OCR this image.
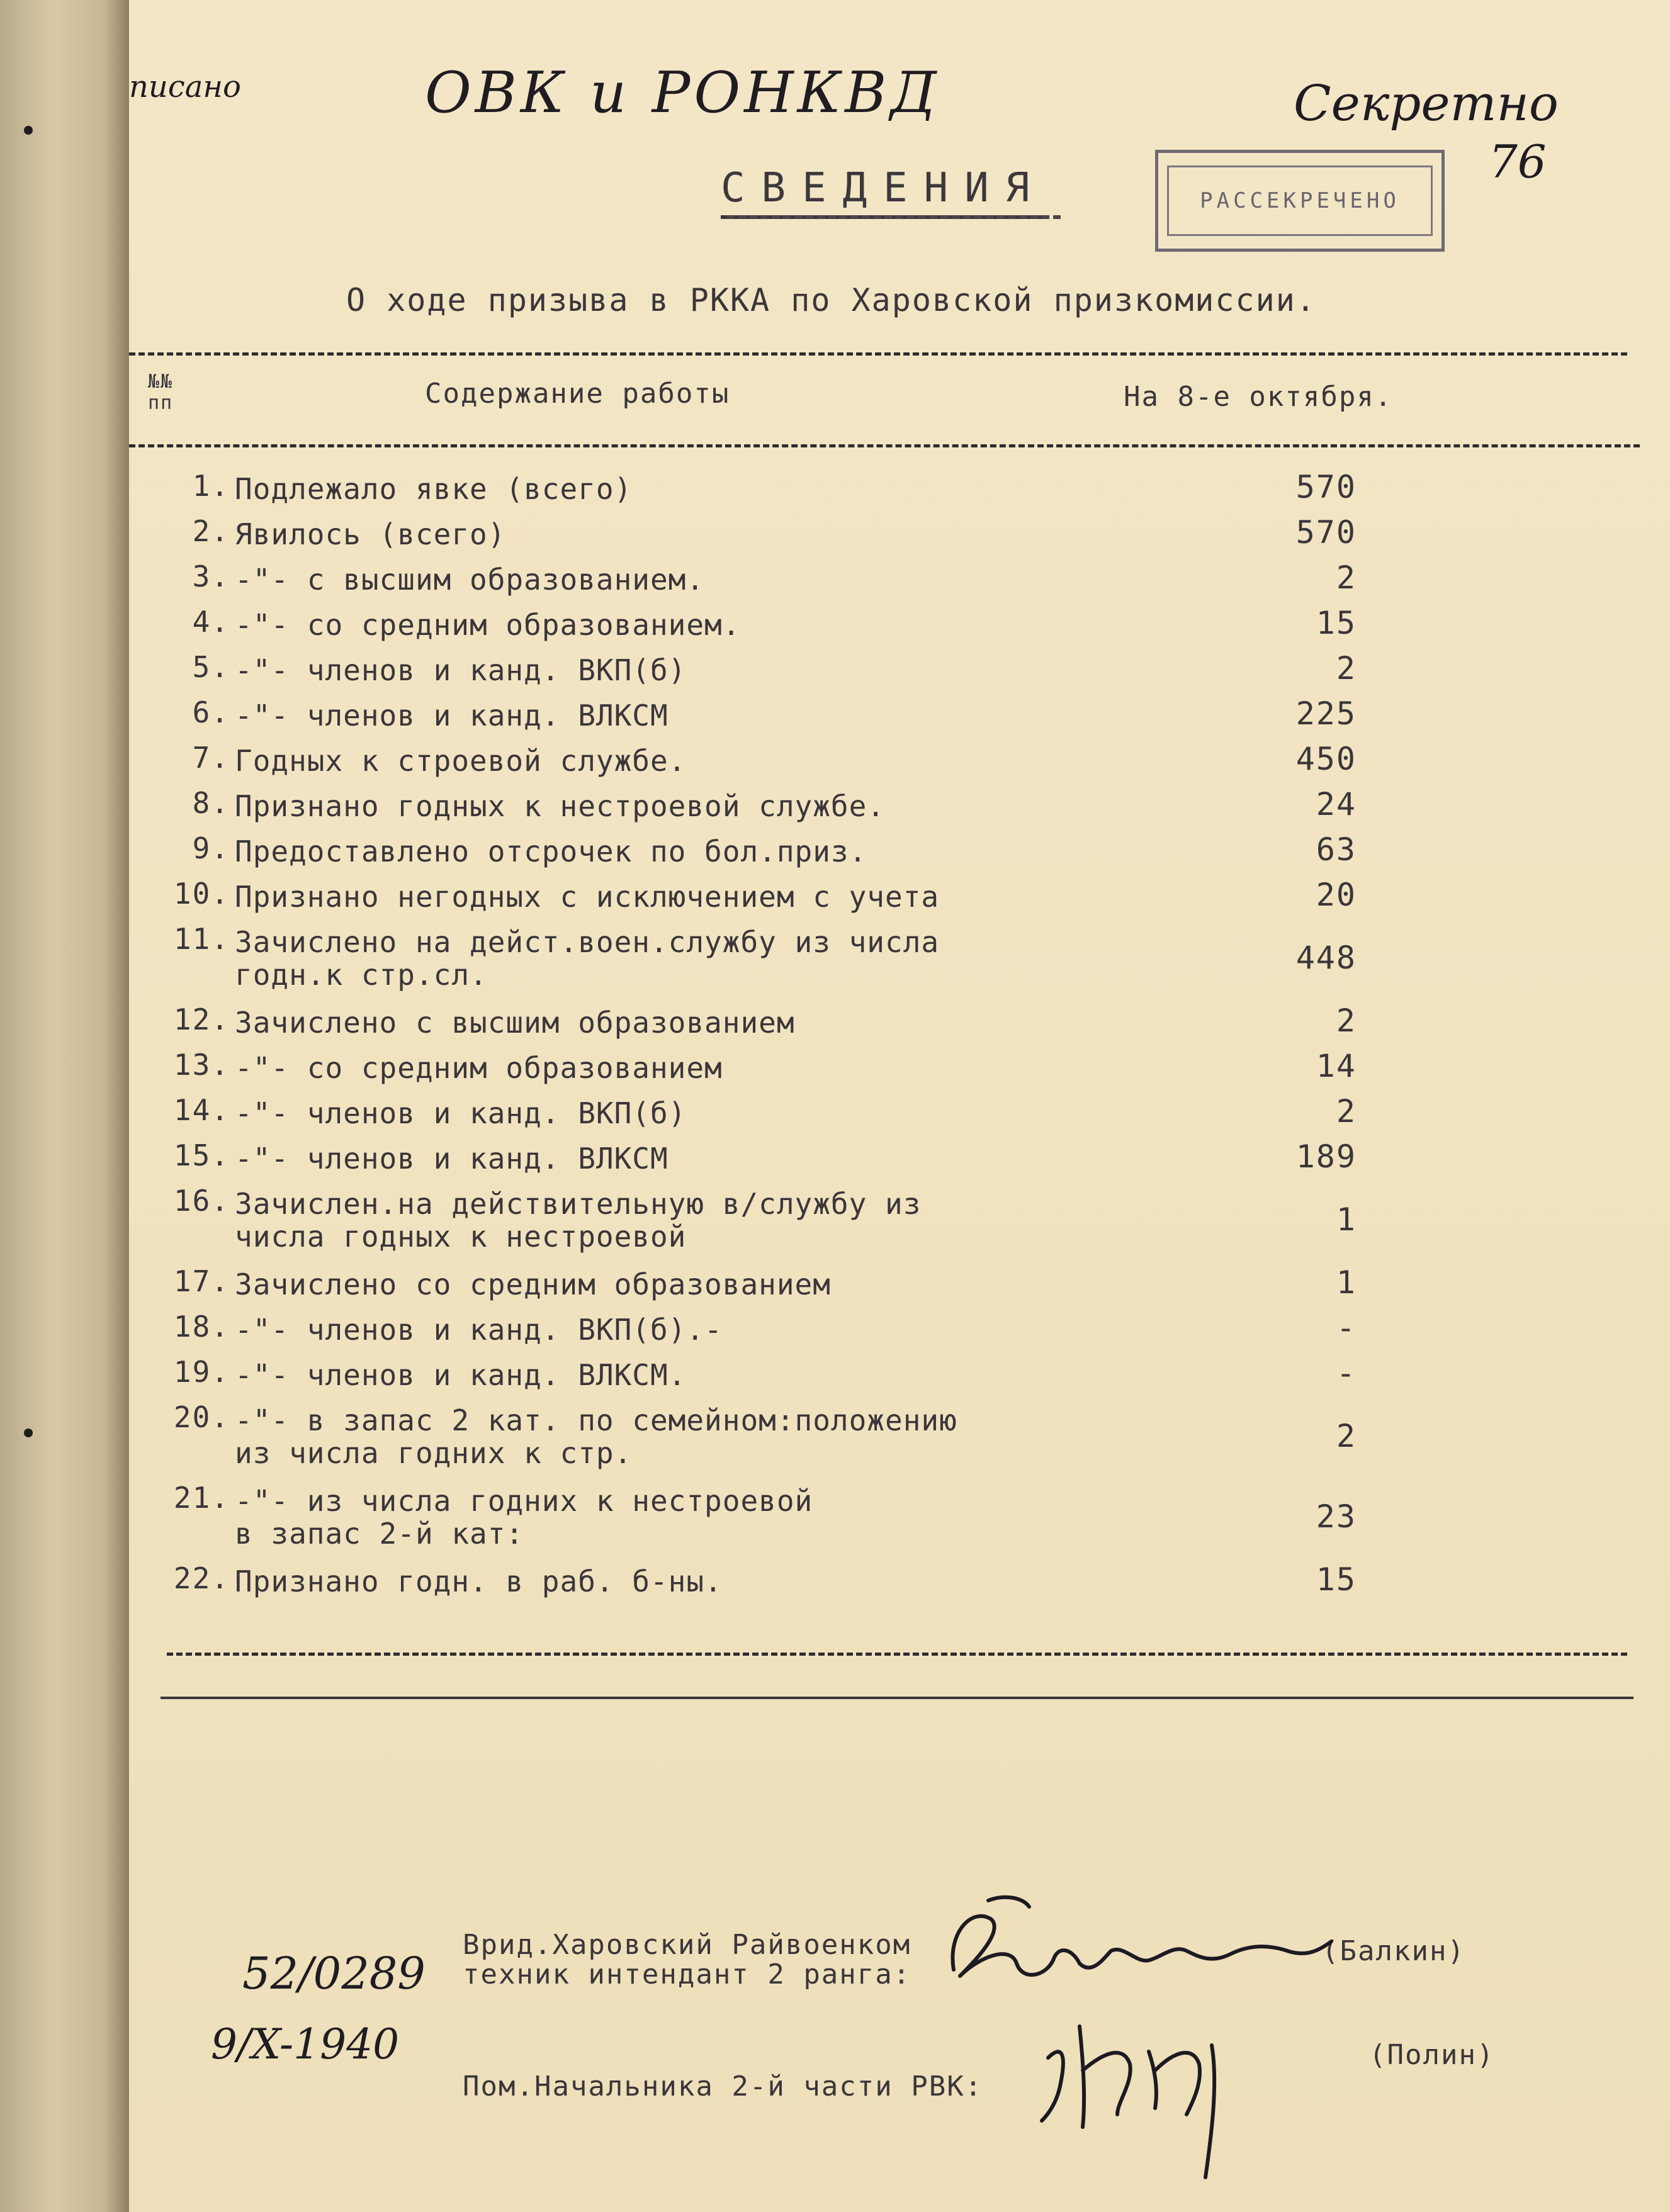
писано	ОВК и РОНКВД	Секретно
76
СВЕДЕНИЯ	РАССЕКРЕЧЕНО
О ходе призыва в РККА по Харовской призкомиссии.
№№ пп	Содержание работы	На 8-е октября.
1. Подлежало явке (всего)	570
2. Явилось (всего)	570
3. -"- с высшим образованием.	2
4. -"- со средним образованием.	15
5. -"- членов и канд. ВКП(б)	2
6. -"- членов и канд. ВЛКСМ	225
7. Годных к строевой службе.	450
8. Признано годных к нестроевой службе.	24
9. Предоставлено отсрочек по бол.приз.	63
10. Признано негодных с исключением с учета	20
11. Зачислено на дейст.воен.службу из числа
годн.к стр.сл.	448
12. Зачислено с высшим образованием	2
13. -"- со средним образованием	14
14. -"- членов и канд. ВКП(б)	2
15. -"- членов и канд. ВЛКСМ	189
16. Зачислен.на действительную в/службу из
числа годных к нестроевой	1
17. Зачислено со средним образованием	1
18. -"- членов и канд. ВКП(б).-	-
19. -"- членов и канд. ВЛКСМ.	-
20. -"- в запас 2 кат. по семейном:положению
из числа годних к стр.	2
21. -"- из числа годних к нестроевой
в запас 2-й кат:	23
22. Признано годн. в раб. б-ны.	15
Врид.Харовский Райвоенком
техник интендант 2 ранга:
(Балкин)
Пом.Начальника 2-й части РВК:
(Полин)
52/0289
9/X-1940
